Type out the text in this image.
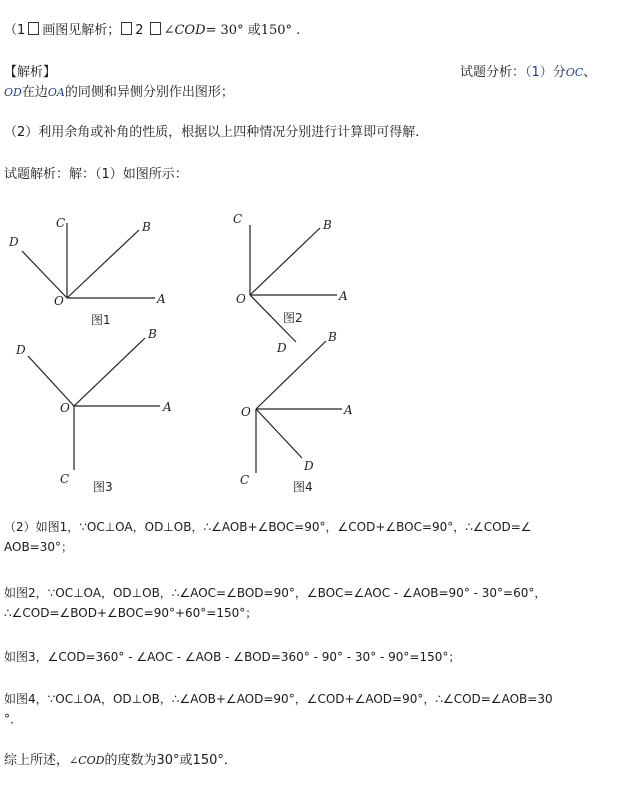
（1 画图见解析； 2 ∠COD= 30° 或150° .
【解析】	试题分析：（1）分OC、
OD在边OA的同侧和异侧分别作出图形；
（2）利用余角或补角的性质，根据以上四种情况分别进行计算即可得解．
试题解析：解：（1）如图所示：
C	B
D
O	A
图1
C	B
O	A
D
图2
B
D
O	A
C
图3
B
O	A
D
C	图4
（2）如图1，∵OC⊥OA，OD⊥OB，∴∠AOB+∠BOC=90°，∠COD+∠BOC=90°，∴∠COD=∠
AOB=30°；
如图2，∵OC⊥OA，OD⊥OB，∴∠AOC=∠BOD=90°，∠BOC=∠AOC - ∠AOB=90° - 30°=60°，
∴∠COD=∠BOD+∠BOC=90°+60°=150°；
如图3，∠COD=360° - ∠AOC - ∠AOB - ∠BOD=360° - 90° - 30° - 90°=150°；
如图4，∵OC⊥OA，OD⊥OB，∴∠AOB+∠AOD=90°，∠COD+∠AOD=90°，∴∠COD=∠AOB=30
°．
综上所述，∠COD的度数为30°或150°．
